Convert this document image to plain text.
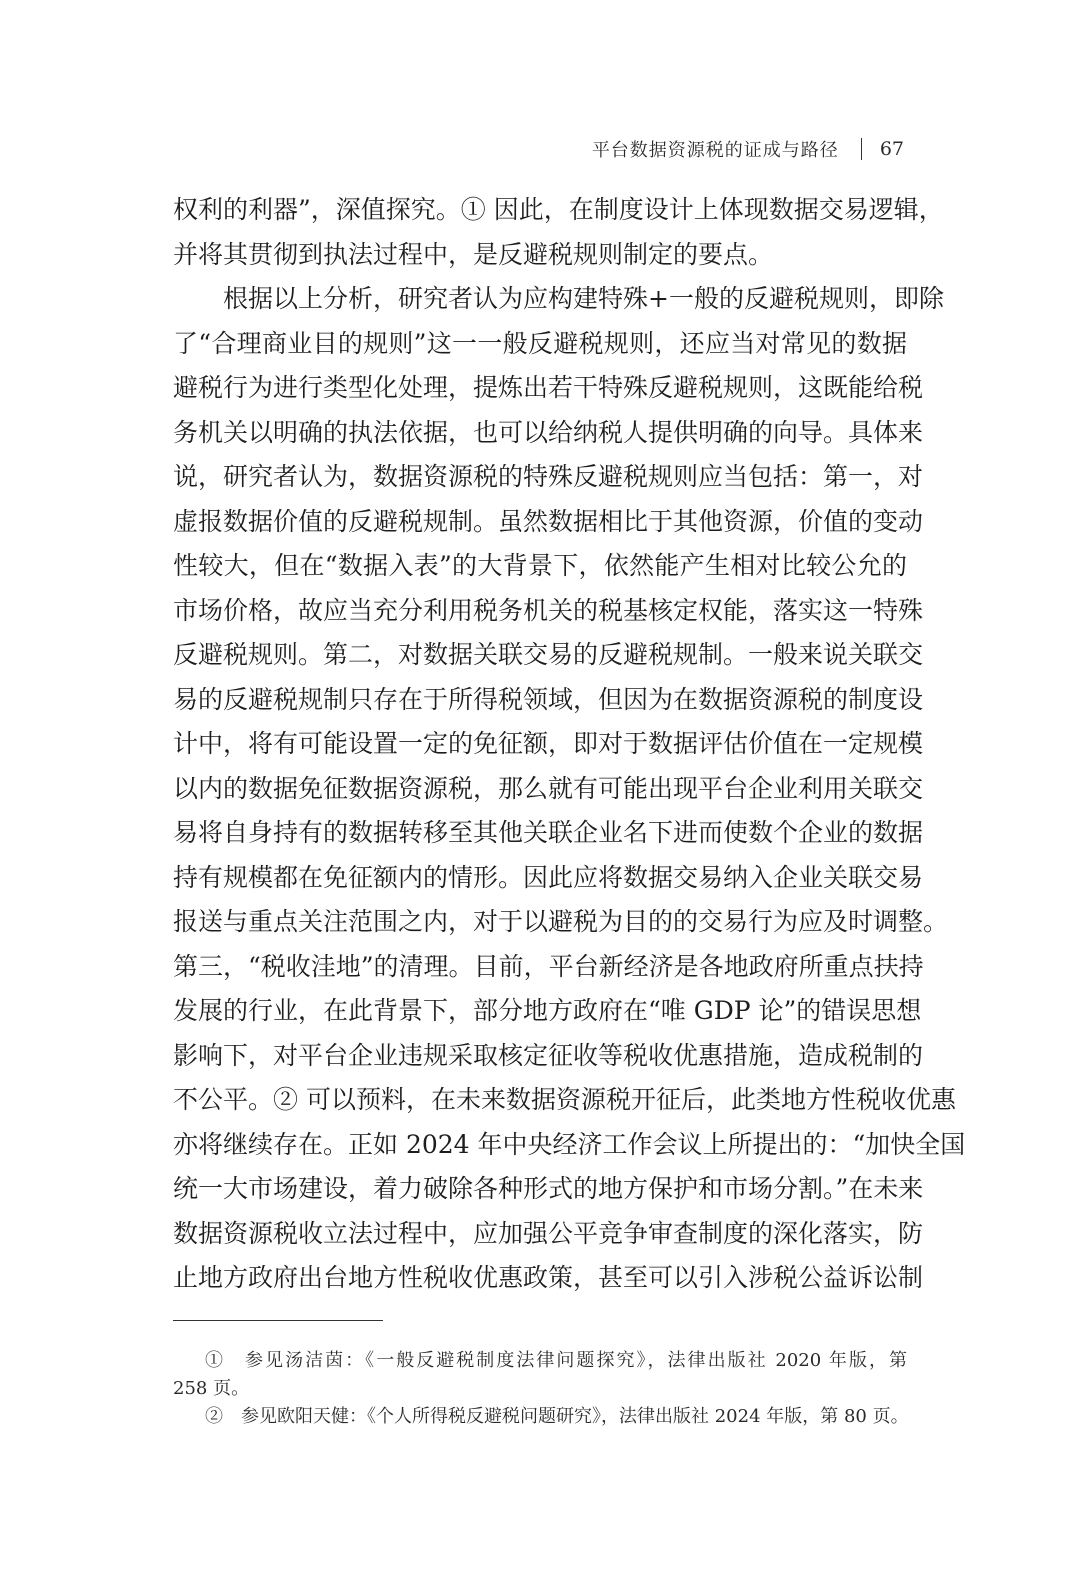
平台数据资源税的证成与路径 67
权利的利器”，深值探究。① 因此，在制度设计上体现数据交易逻辑，
并将其贯彻到执法过程中，是反避税规则制定的要点。
根据以上分析，研究者认为应构建特殊+一般的反避税规则，即除
了“合理商业目的规则”这一一般反避税规则，还应当对常见的数据
避税行为进行类型化处理，提炼出若干特殊反避税规则，这既能给税
务机关以明确的执法依据，也可以给纳税人提供明确的向导。具体来
说，研究者认为，数据资源税的特殊反避税规则应当包括：第一，对
虚报数据价值的反避税规制。虽然数据相比于其他资源，价值的变动
性较大，但在“数据入表”的大背景下，依然能产生相对比较公允的
市场价格，故应当充分利用税务机关的税基核定权能，落实这一特殊
反避税规则。第二，对数据关联交易的反避税规制。一般来说关联交
易的反避税规制只存在于所得税领域，但因为在数据资源税的制度设
计中，将有可能设置一定的免征额，即对于数据评估价值在一定规模
以内的数据免征数据资源税，那么就有可能出现平台企业利用关联交
易将自身持有的数据转移至其他关联企业名下进而使数个企业的数据
持有规模都在免征额内的情形。因此应将数据交易纳入企业关联交易
报送与重点关注范围之内，对于以避税为目的的交易行为应及时调整。
第三，“税收洼地”的清理。目前，平台新经济是各地政府所重点扶持
发展的行业，在此背景下，部分地方政府在“唯 GDP 论”的错误思想
影响下，对平台企业违规采取核定征收等税收优惠措施，造成税制的
不公平。② 可以预料，在未来数据资源税开征后，此类地方性税收优惠
亦将继续存在。正如 2024 年中央经济工作会议上所提出的：“加快全国
统一大市场建设，着力破除各种形式的地方保护和市场分割。”在未来
数据资源税收立法过程中，应加强公平竞争审查制度的深化落实，防
止地方政府出台地方性税收优惠政策，甚至可以引入涉税公益诉讼制
①　参见汤洁茵：《一般反避税制度法律问题探究》，法律出版社 2020 年版，第
258 页。
②　参见欧阳天健：《个人所得税反避税问题研究》，法律出版社 2024 年版，第 80 页。
